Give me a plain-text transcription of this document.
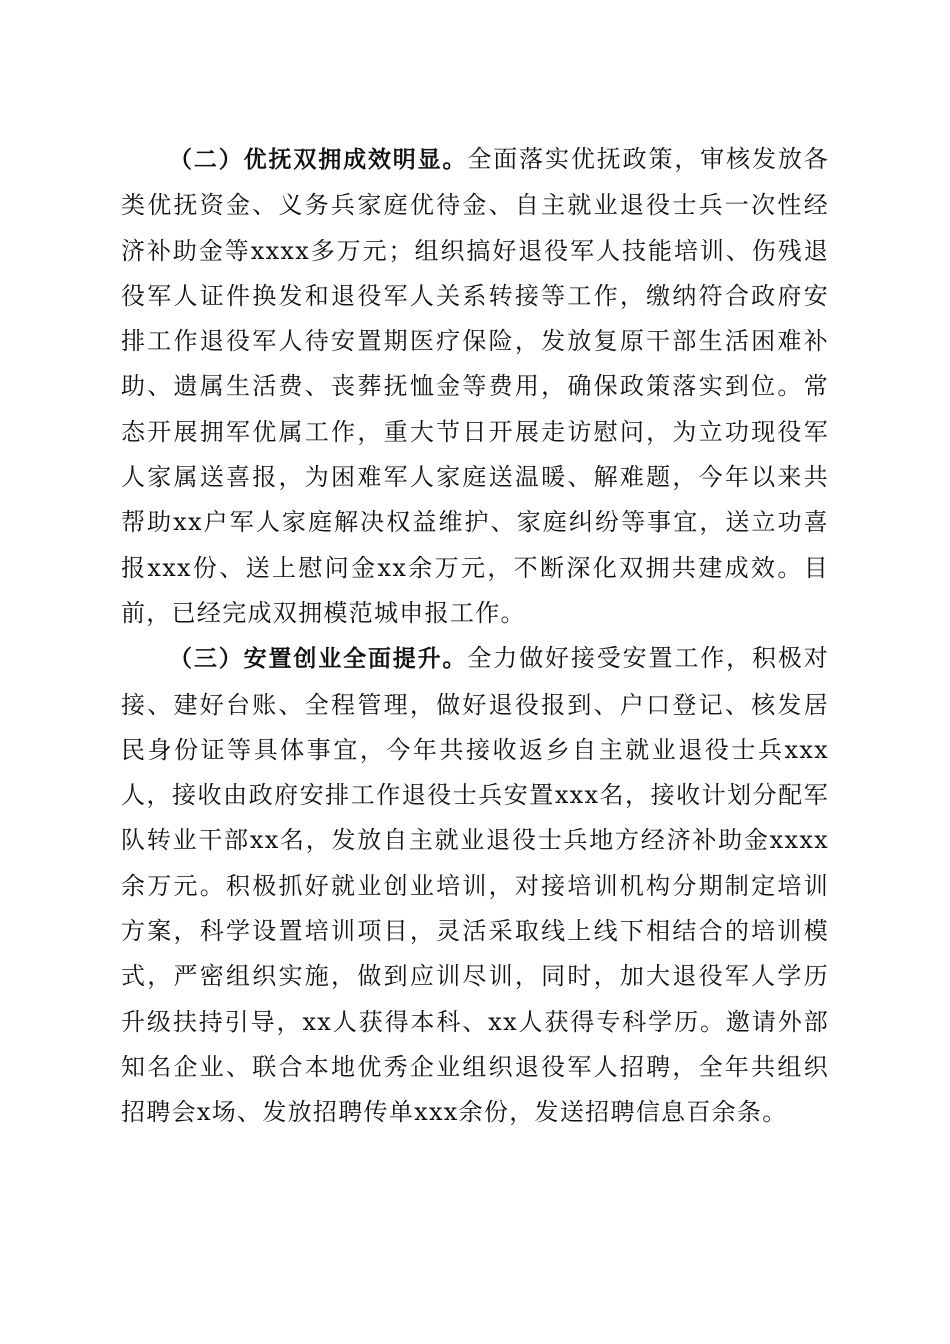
（二）优抚双拥成效明显。全面落实优抚政策，审核发放各类优抚资金、义务兵家庭优待金、自主就业退役士兵一次性经济补助金等xxxx多万元；组织搞好退役军人技能培训、伤残退役军人证件换发和退役军人关系转接等工作，缴纳符合政府安排工作退役军人待安置期医疗保险，发放复原干部生活困难补助、遗属生活费、丧葬抚恤金等费用，确保政策落实到位。常态开展拥军优属工作，重大节日开展走访慰问，为立功现役军人家属送喜报，为困难军人家庭送温暖、解难题，今年以来共帮助xx户军人家庭解决权益维护、家庭纠纷等事宜，送立功喜报xxx份、送上慰问金xx余万元，不断深化双拥共建成效。目前，已经完成双拥模范城申报工作。

（三）安置创业全面提升。全力做好接受安置工作，积极对接、建好台账、全程管理，做好退役报到、户口登记、核发居民身份证等具体事宜，今年共接收返乡自主就业退役士兵xxx人，接收由政府安排工作退役士兵安置xxx名，接收计划分配军队转业干部xx名，发放自主就业退役士兵地方经济补助金xxxx余万元。积极抓好就业创业培训，对接培训机构分期制定培训方案，科学设置培训项目，灵活采取线上线下相结合的培训模式，严密组织实施，做到应训尽训，同时，加大退役军人学历升级扶持引导，xx人获得本科、xx人获得专科学历。邀请外部知名企业、联合本地优秀企业组织退役军人招聘，全年共组织招聘会x场、发放招聘传单xxx余份，发送招聘信息百余条。
